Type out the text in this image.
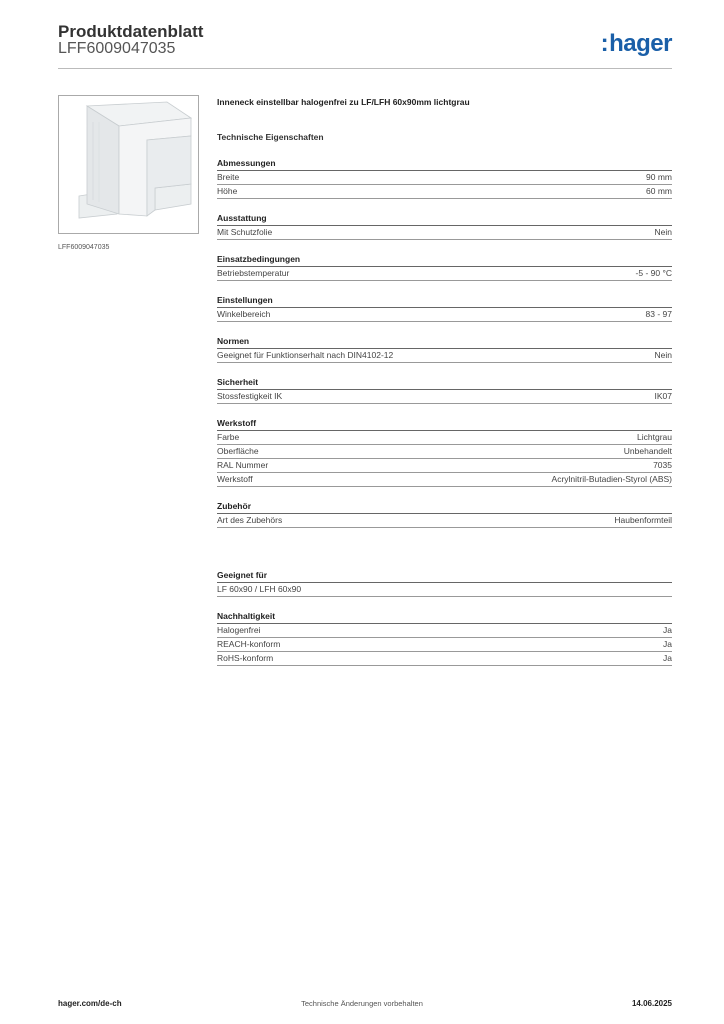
Produktdatenblatt
LFF6009047035	:hager
LFF6009047035
Inneneck einstellbar halogenfrei zu LF/LFH 60x90mm lichtgrau
Technische Eigenschaften
Abmessungen
Breite	90 mm
Höhe	60 mm
Ausstattung
Mit Schutzfolie	Nein
Einsatzbedingungen
Betriebstemperatur	-5 - 90 °C
Einstellungen
Winkelbereich	83 - 97
Normen
Geeignet für Funktionserhalt nach DIN4102-12	Nein
Sicherheit
Stossfestigkeit IK	IK07
Werkstoff
Farbe	Lichtgrau
Oberfläche	Unbehandelt
RAL Nummer	7035
Werkstoff	Acrylnitril-Butadien-Styrol (ABS)
Zubehör
Art des Zubehörs	Haubenformteil
Geeignet für
LF 60x90 / LFH 60x90
Nachhaltigkeit
Halogenfrei	Ja
REACH-konform	Ja
RoHS-konform	Ja
hager.com/de-ch	Technische Änderungen vorbehalten	14.06.2025
